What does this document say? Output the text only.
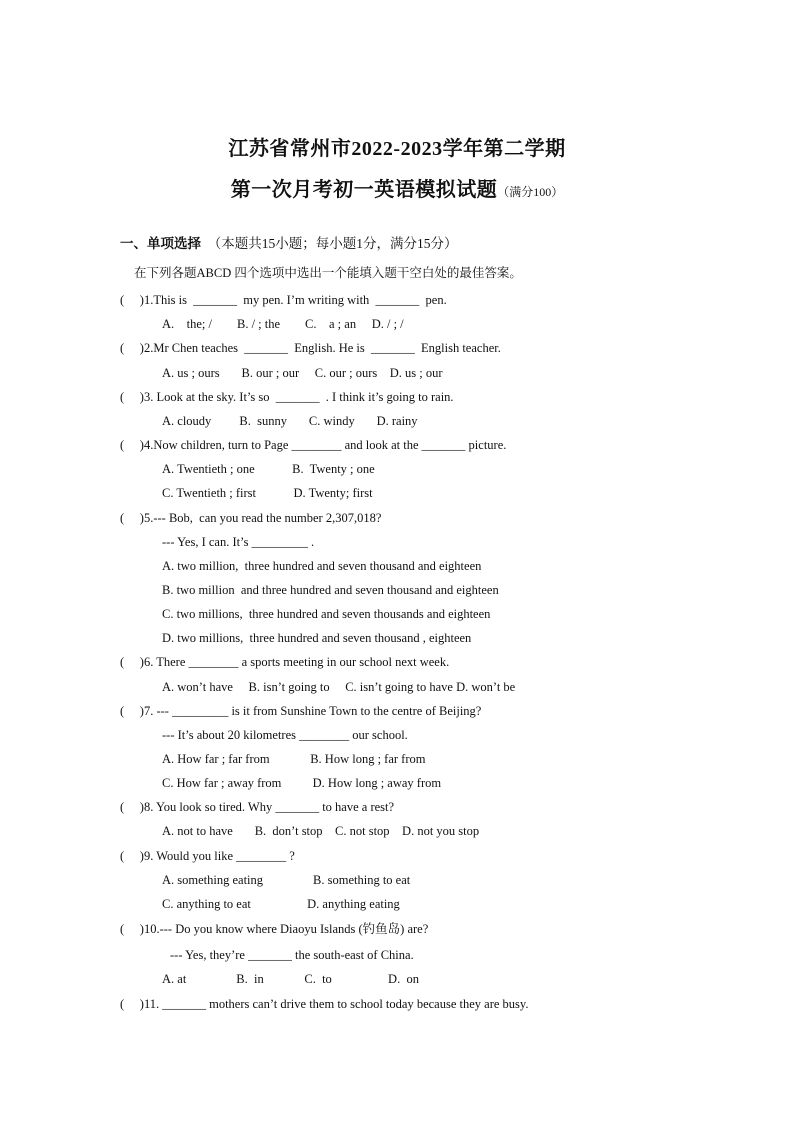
江苏省常州市2022-2023学年第二学期
第一次月考初一英语模拟试题（满分100）
一、单项选择 （本题共15小题；每小题1分，满分15分）
在下列各题ABCD 四个选项中选出一个能填入题干空白处的最佳答案。
(     )1.This is  _______  my pen. I’m writing with  _______  pen.
A.    the; /        B. / ; the        C.    a ; an     D. / ; /
(     )2.Mr Chen teaches  _______  English. He is  _______  English teacher.
A. us ; ours       B. our ; our     C. our ; ours    D. us ; our
(     )3. Look at the sky. It’s so  _______  . I think it’s going to rain.
A. cloudy         B.  sunny       C. windy       D. rainy
(     )4.Now children, turn to Page ________ and look at the _______ picture.
A. Twentieth ; one            B.  Twenty ; one
C. Twentieth ; first            D. Twenty; first
(     )5.--- Bob,  can you read the number 2,307,018?
--- Yes, I can. It’s _________ .
A. two million,  three hundred and seven thousand and eighteen
B. two million  and three hundred and seven thousand and eighteen
C. two millions,  three hundred and seven thousands and eighteen
D. two millions,  three hundred and seven thousand , eighteen
(     )6. There ________ a sports meeting in our school next week.
A. won’t have     B. isn’t going to     C. isn’t going to have D. won’t be
(     )7. --- _________ is it from Sunshine Town to the centre of Beijing?
--- It’s about 20 kilometres ________ our school.
A. How far ; far from             B. How long ; far from
C. How far ; away from          D. How long ; away from
(     )8. You look so tired. Why _______ to have a rest?
A. not to have       B.  don’t stop    C. not stop    D. not you stop
(     )9. Would you like ________ ?
A. something eating                B. something to eat
C. anything to eat                  D. anything eating
(     )10.--- Do you know where Diaoyu Islands (钓鱼岛) are?
--- Yes, they’re _______ the south-east of China.
A. at                B.  in             C.  to                  D.  on
(     )11. _______ mothers can’t drive them to school today because they are busy.
